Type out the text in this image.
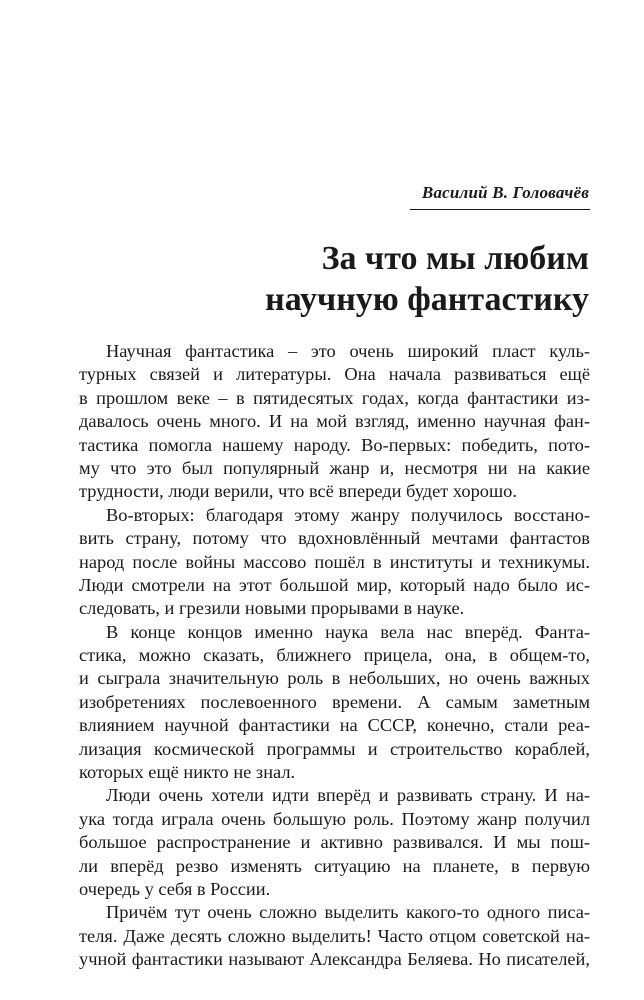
Василий В. Головачёв
За что мы любим
научную фантастику
Научная фантастика – это очень широкий пласт куль-
турных связей и литературы. Она начала развиваться ещё
в прошлом веке – в пятидесятых годах, когда фантастики из-
давалось очень много. И на мой взгляд, именно научная фан-
тастика помогла нашему народу. Во-первых: победить, пото-
му что это был популярный жанр и, несмотря ни на какие
трудности, люди верили, что всё впереди будет хорошо.
Во-вторых: благодаря этому жанру получилось восстано-
вить страну, потому что вдохновлённый мечтами фантастов
народ после войны массово пошёл в институты и техникумы.
Люди смотрели на этот большой мир, который надо было ис-
следовать, и грезили новыми прорывами в науке.
В конце концов именно наука вела нас вперёд. Фанта-
стика, можно сказать, ближнего прицела, она, в общем-то,
и сыграла значительную роль в небольших, но очень важных
изобретениях послевоенного времени. А самым заметным
влиянием научной фантастики на СССР, конечно, стали реа-
лизация космической программы и строительство кораблей,
которых ещё никто не знал.
Люди очень хотели идти вперёд и развивать страну. И на-
ука тогда играла очень большую роль. Поэтому жанр получил
большое распространение и активно развивался. И мы пош-
ли вперёд резво изменять ситуацию на планете, в первую
очередь у себя в России.
Причём тут очень сложно выделить какого-то одного писа-
теля. Даже десять сложно выделить! Часто отцом советской на-
учной фантастики называют Александра Беляева. Но писателей,
